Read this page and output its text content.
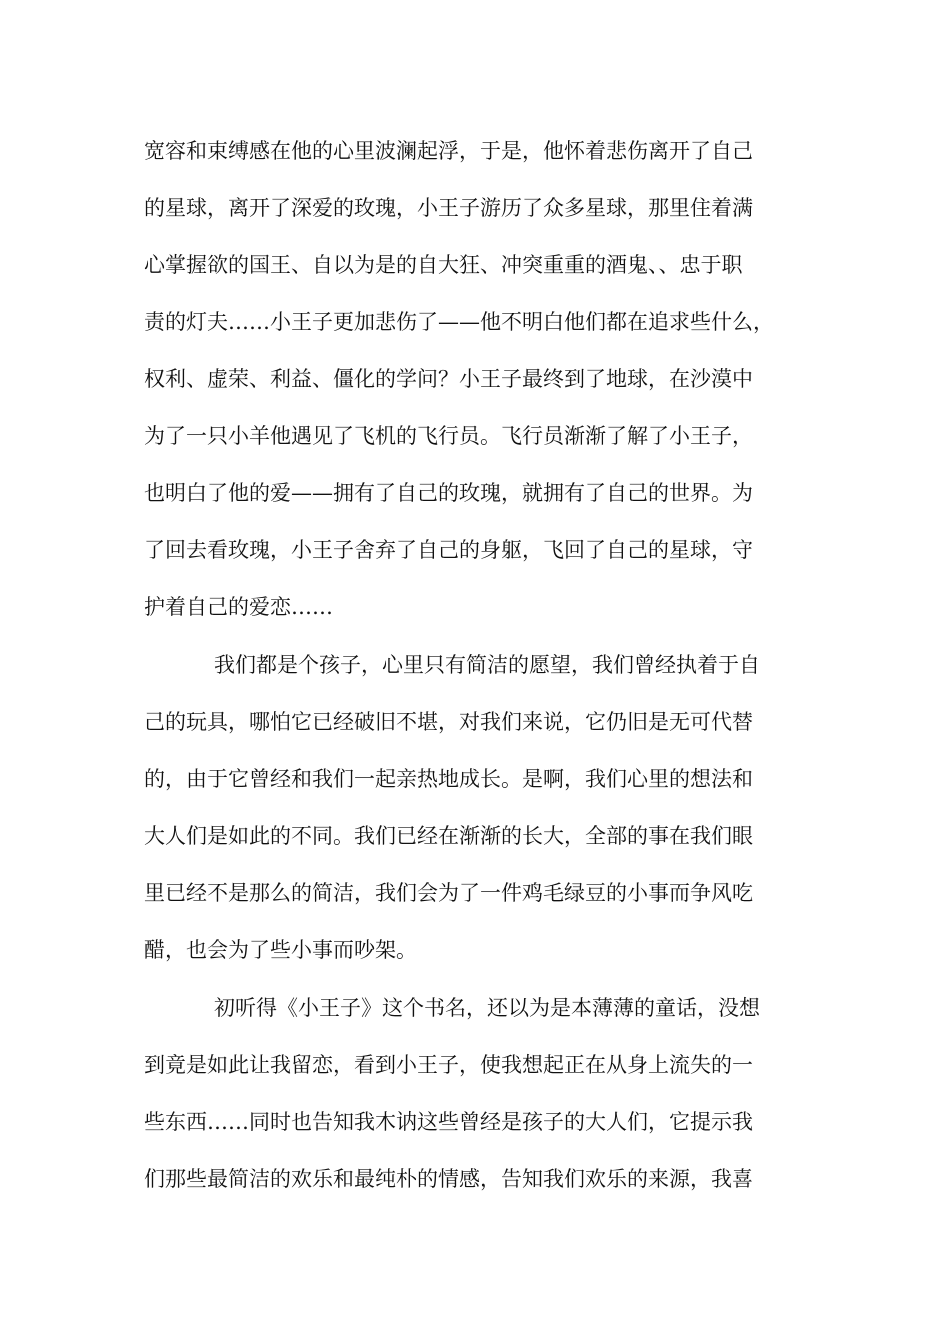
宽容和束缚感在他的心里波澜起浮，于是，他怀着悲伤离开了自己
的星球，离开了深爱的玫瑰，小王子游历了众多星球，那里住着满
心掌握欲的国王、自以为是的自大狂、冲突重重的酒鬼、、忠于职
责的灯夫……小王子更加悲伤了——他不明白他们都在追求些什么，
权利、虚荣、利益、僵化的学问？小王子最终到了地球，在沙漠中
为了一只小羊他遇见了飞机的飞行员。飞行员渐渐了解了小王子，
也明白了他的爱——拥有了自己的玫瑰，就拥有了自己的世界。为
了回去看玫瑰，小王子舍弃了自己的身躯，飞回了自己的星球，守
护着自己的爱恋……
我们都是个孩子，心里只有简洁的愿望，我们曾经执着于自
己的玩具，哪怕它已经破旧不堪，对我们来说，它仍旧是无可代替
的，由于它曾经和我们一起亲热地成长。是啊，我们心里的想法和
大人们是如此的不同。我们已经在渐渐的长大，全部的事在我们眼
里已经不是那么的简洁，我们会为了一件鸡毛绿豆的小事而争风吃
醋，也会为了些小事而吵架。
初听得《小王子》这个书名，还以为是本薄薄的童话，没想
到竟是如此让我留恋，看到小王子，使我想起正在从身上流失的一
些东西……同时也告知我木讷这些曾经是孩子的大人们，它提示我
们那些最简洁的欢乐和最纯朴的情感，告知我们欢乐的来源，我喜
